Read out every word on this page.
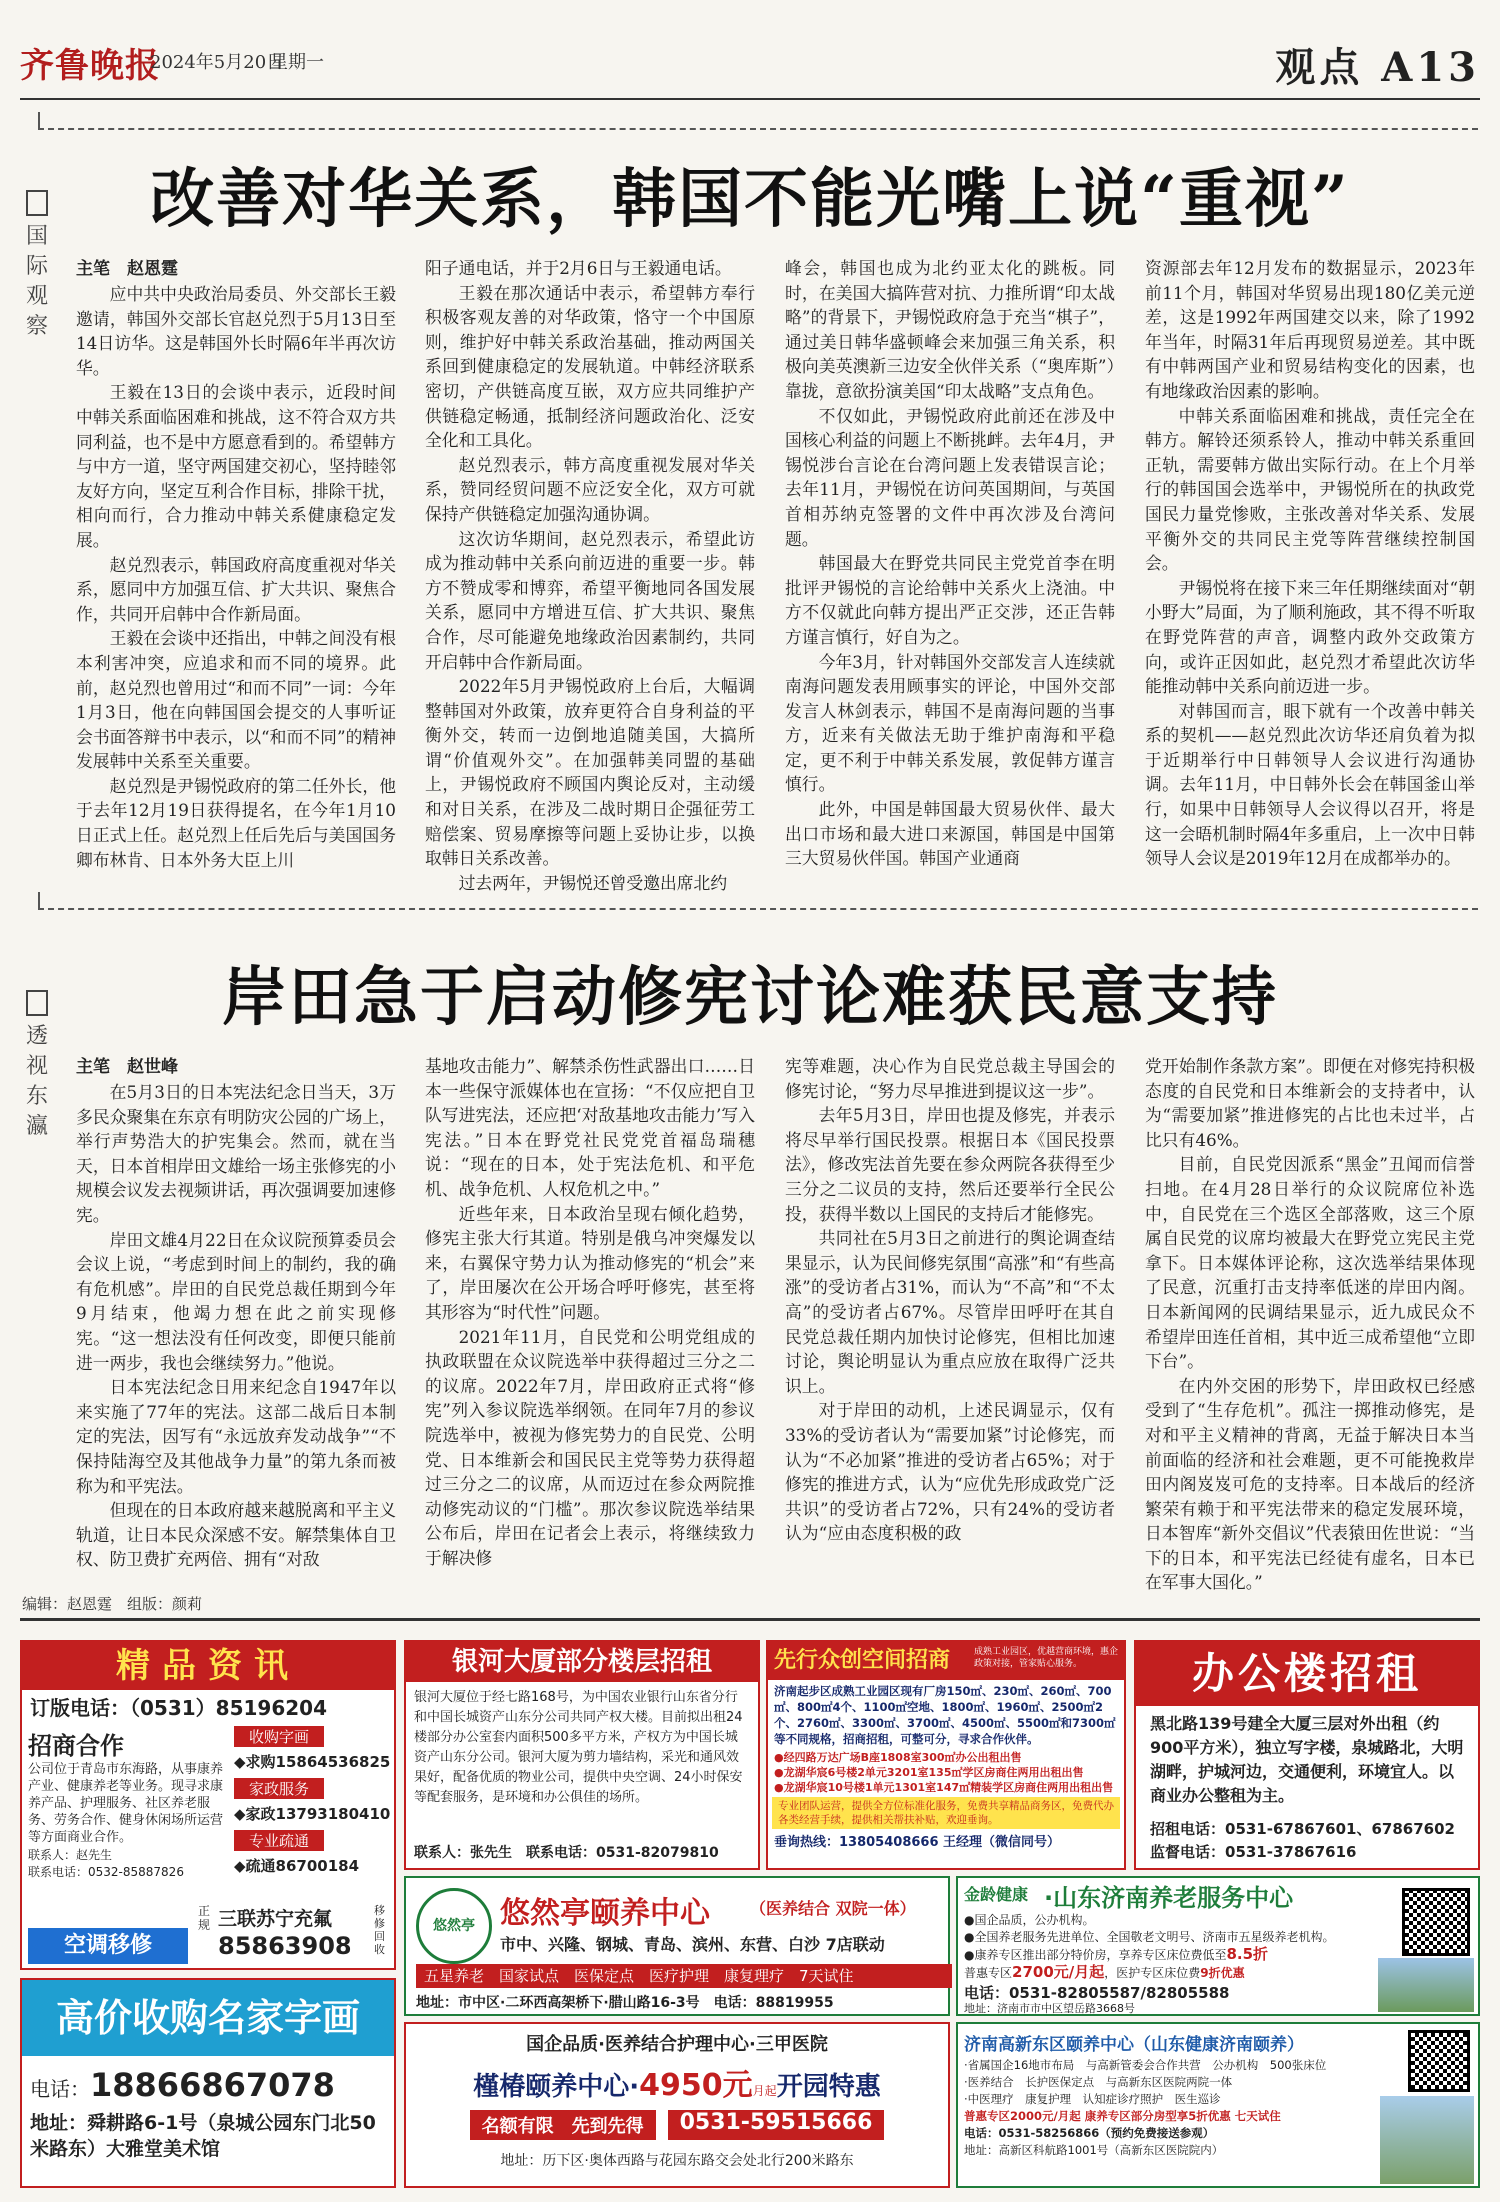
齐鲁晚报
2024年5月20日
星期一	观点 A13
改善对华关系，韩国不能光嘴上说“重视”
国际观察
主笔　赵恩霆

应中共中央政治局委员、外交部长王毅邀请，韩国外交部长官赵兑烈于5月13日至14日访华。这是韩国外长时隔6年半再次访华。

王毅在13日的会谈中表示，近段时间中韩关系面临困难和挑战，这不符合双方共同利益，也不是中方愿意看到的。希望韩方与中方一道，坚守两国建交初心，坚持睦邻友好方向，坚定互利合作目标，排除干扰，相向而行，合力推动中韩关系健康稳定发展。

赵兑烈表示，韩国政府高度重视对华关系，愿同中方加强互信、扩大共识、聚焦合作，共同开启韩中合作新局面。

王毅在会谈中还指出，中韩之间没有根本利害冲突，应追求和而不同的境界。此前，赵兑烈也曾用过“和而不同”一词：今年1月3日，他在向韩国国会提交的人事听证会书面答辩书中表示，以“和而不同”的精神发展韩中关系至关重要。

赵兑烈是尹锡悦政府的第二任外长，他于去年12月19日获得提名，在今年1月10日正式上任。赵兑烈上任后先后与美国国务卿布林肯、日本外务大臣上川

阳子通电话，并于2月6日与王毅通电话。

王毅在那次通话中表示，希望韩方奉行积极客观友善的对华政策，恪守一个中国原则，维护好中韩关系政治基础，推动两国关系回到健康稳定的发展轨道。中韩经济联系密切，产供链高度互嵌，双方应共同维护产供链稳定畅通，抵制经济问题政治化、泛安全化和工具化。

赵兑烈表示，韩方高度重视发展对华关系，赞同经贸问题不应泛安全化，双方可就保持产供链稳定加强沟通协调。

这次访华期间，赵兑烈表示，希望此访成为推动韩中关系向前迈进的重要一步。韩方不赞成零和博弈，希望平衡地同各国发展关系，愿同中方增进互信、扩大共识、聚焦合作，尽可能避免地缘政治因素制约，共同开启韩中合作新局面。

2022年5月尹锡悦政府上台后，大幅调整韩国对外政策，放弃更符合自身利益的平衡外交，转而一边倒地追随美国，大搞所谓“价值观外交”。在加强韩美同盟的基础上，尹锡悦政府不顾国内舆论反对，主动缓和对日关系，在涉及二战时期日企强征劳工赔偿案、贸易摩擦等问题上妥协让步，以换取韩日关系改善。

过去两年，尹锡悦还曾受邀出席北约

峰会，韩国也成为北约亚太化的跳板。同时，在美国大搞阵营对抗、力推所谓“印太战略”的背景下，尹锡悦政府急于充当“棋子”，通过美日韩华盛顿峰会来加强三角关系，积极向美英澳新三边安全伙伴关系（“奥库斯”）靠拢，意欲扮演美国“印太战略”支点角色。

不仅如此，尹锡悦政府此前还在涉及中国核心利益的问题上不断挑衅。去年4月，尹锡悦涉台言论在台湾问题上发表错误言论；去年11月，尹锡悦在访问英国期间，与英国首相苏纳克签署的文件中再次涉及台湾问题。

韩国最大在野党共同民主党党首李在明批评尹锡悦的言论给韩中关系火上浇油。中方不仅就此向韩方提出严正交涉，还正告韩方谨言慎行，好自为之。

今年3月，针对韩国外交部发言人连续就南海问题发表用顾事实的评论，中国外交部发言人林剑表示，韩国不是南海问题的当事方，近来有关做法无助于维护南海和平稳定，更不利于中韩关系发展，敦促韩方谨言慎行。

此外，中国是韩国最大贸易伙伴、最大出口市场和最大进口来源国，韩国是中国第三大贸易伙伴国。韩国产业通商

资源部去年12月发布的数据显示，2023年前11个月，韩国对华贸易出现180亿美元逆差，这是1992年两国建交以来，除了1992年当年，时隔31年后再现贸易逆差。其中既有中韩两国产业和贸易结构变化的因素，也有地缘政治因素的影响。

中韩关系面临困难和挑战，责任完全在韩方。解铃还须系铃人，推动中韩关系重回正轨，需要韩方做出实际行动。在上个月举行的韩国国会选举中，尹锡悦所在的执政党国民力量党惨败，主张改善对华关系、发展平衡外交的共同民主党等阵营继续控制国会。

尹锡悦将在接下来三年任期继续面对“朝小野大”局面，为了顺利施政，其不得不听取在野党阵营的声音，调整内政外交政策方向，或许正因如此，赵兑烈才希望此次访华能推动韩中关系向前迈进一步。

对韩国而言，眼下就有一个改善中韩关系的契机——赵兑烈此次访华还肩负着为拟于近期举行中日韩领导人会议进行沟通协调。去年11月，中日韩外长会在韩国釜山举行，如果中日韩领导人会议得以召开，将是这一会晤机制时隔4年多重启，上一次中日韩领导人会议是2019年12月在成都举办的。

岸田急于启动修宪讨论难获民意支持
透视东瀛
主笔　赵世峰

在5月3日的日本宪法纪念日当天，3万多民众聚集在东京有明防灾公园的广场上，举行声势浩大的护宪集会。然而，就在当天，日本首相岸田文雄给一场主张修宪的小规模会议发去视频讲话，再次强调要加速修宪。

岸田文雄4月22日在众议院预算委员会会议上说，“考虑到时间上的制约，我的确有危机感”。岸田的自民党总裁任期到今年9月结束，他竭力想在此之前实现修宪。“这一想法没有任何改变，即便只能前进一两步，我也会继续努力。”他说。

日本宪法纪念日用来纪念自1947年以来实施了77年的宪法。这部二战后日本制定的宪法，因写有“永远放弃发动战争”“不保持陆海空及其他战争力量”的第九条而被称为和平宪法。

但现在的日本政府越来越脱离和平主义轨道，让日本民众深感不安。解禁集体自卫权、防卫费扩充两倍、拥有“对敌

基地攻击能力”、解禁杀伤性武器出口……日本一些保守派媒体也在宣扬：“不仅应把自卫队写进宪法，还应把‘对敌基地攻击能力’写入宪法。”日本在野党社民党党首福岛瑞穗说：“现在的日本，处于宪法危机、和平危机、战争危机、人权危机之中。”

近些年来，日本政治呈现右倾化趋势，修宪主张大行其道。特别是俄乌冲突爆发以来，右翼保守势力认为推动修宪的“机会”来了，岸田屡次在公开场合呼吁修宪，甚至将其形容为“时代性”问题。

2021年11月，自民党和公明党组成的执政联盟在众议院选举中获得超过三分之二的议席。2022年7月，岸田政府正式将“修宪”列入参议院选举纲领。在同年7月的参议院选举中，被视为修宪势力的自民党、公明党、日本维新会和国民民主党等势力获得超过三分之二的议席，从而迈过在参众两院推动修宪动议的“门槛”。那次参议院选举结果公布后，岸田在记者会上表示，将继续致力于解决修

宪等难题，决心作为自民党总裁主导国会的修宪讨论，“努力尽早推进到提议这一步”。

去年5月3日，岸田也提及修宪，并表示将尽早举行国民投票。根据日本《国民投票法》，修改宪法首先要在参众两院各获得至少三分之二议员的支持，然后还要举行全民公投，获得半数以上国民的支持后才能修宪。

共同社在5月3日之前进行的舆论调查结果显示，认为民间修宪氛围“高涨”和“有些高涨”的受访者占31%，而认为“不高”和“不太高”的受访者占67%。尽管岸田呼吁在其自民党总裁任期内加快讨论修宪，但相比加速讨论，舆论明显认为重点应放在取得广泛共识上。

对于岸田的动机，上述民调显示，仅有33%的受访者认为“需要加紧”讨论修宪，而认为“不必加紧”推进的受访者占65%；对于修宪的推进方式，认为“应优先形成政党广泛共识”的受访者占72%，只有24%的受访者认为“应由态度积极的政

党开始制作条款方案”。即便在对修宪持积极态度的自民党和日本维新会的支持者中，认为“需要加紧”推进修宪的占比也未过半，占比只有46%。

目前，自民党因派系“黑金”丑闻而信誉扫地。在4月28日举行的众议院席位补选中，自民党在三个选区全部落败，这三个原属自民党的议席均被最大在野党立宪民主党拿下。日本媒体评论称，这次选举结果体现了民意，沉重打击支持率低迷的岸田内阁。日本新闻网的民调结果显示，近九成民众不希望岸田连任首相，其中近三成希望他“立即下台”。

在内外交困的形势下，岸田政权已经感受到了“生存危机”。孤注一掷推动修宪，是对和平主义精神的背离，无益于解决日本当前面临的经济和社会难题，更不可能挽救岸田内阁岌岌可危的支持率。日本战后的经济繁荣有赖于和平宪法带来的稳定发展环境，日本智库“新外交倡议”代表猿田佐世说：“当下的日本，和平宪法已经徒有虚名，日本已在军事大国化。”

编辑：赵恩霆　组版：颜莉
精品资讯
订版电话：（0531）85196204
招商合作
公司位于青岛市东海路，从事康养产业、健康养老等业务。现寻求康养产品、护理服务、社区养老服务、劳务合作、健身休闲场所运营等方面商业合作。
联系人：赵先生
联系电话：0532-85887826
收购字画
◆求购15864536825
家政服务
◆家政13793180410
专业疏通
◆疏通86700184
空调移修
正规 三联苏宁充氟
85863908
移修回收
高价收购名家字画
电话：18866867078
地址：舜耕路6-1号（泉城公园东门北50米路东）大雅堂美术馆
银河大厦部分楼层招租
银河大厦位于经七路168号，为中国农业银行山东省分行和中国长城资产山东分公司共同产权大楼。目前拟出租24楼部分办公室套内面积500多平方米，产权方为中国长城资产山东分公司。银河大厦为剪力墙结构，采光和通风效果好，配备优质的物业公司，提供中央空调、24小时保安等配套服务，是环境和办公俱佳的场所。
联系人：张先生　联系电话：0531-82079810
先行众创空间招商	成熟工业园区，优越营商环境，惠企政策对接，管家贴心服务。
济南起步区成熟工业园区现有厂房150㎡、230㎡、260㎡、700㎡、800㎡4个、1100㎡空地、1800㎡、1960㎡、2500㎡2个、2760㎡、3300㎡、3700㎡、4500㎡、5500㎡和7300㎡等不同规格，招商招租，可整可分，寻求合作伙伴。
●经四路万达广场B座1808室300㎡办公出租出售
●龙湖华宸6号楼2单元3201室135㎡学区房商住两用出租出售
●龙湖华宸10号楼1单元1301室147㎡精装学区房商住两用出租出售
专业团队运营，提供全方位标准化服务，免费共享精品商务区，免费代办各类经营手续，提供相关帮扶补贴，欢迎垂询。
垂询热线：13805408666 王经理（微信同号）
办公楼招租
黑北路139号建全大厦三层对外出租（约900平方米），独立写字楼，泉城路北，大明湖畔，护城河边，交通便利，环境宜人。以商业办公整租为主。
招租电话：0531-67867601、67867602
监督电话：0531-37867616
悠然亭 悠然亭颐养中心	（医养结合 双院一体）
市中、兴隆、钢城、青岛、滨州、东营、白沙 7店联动
五星养老　国家试点　医保定点　医疗护理　康复理疗　7天试住
地址：市中区·二环西高架桥下·腊山路16-3号　电话：88819955
金龄健康 ·山东济南养老服务中心
●国企品质，公办机构。
●全国养老服务先进单位、全国敬老文明号、济南市五星级养老机构。
●康养专区推出部分特价房，享养专区床位费低至8.5折
普惠专区2700元/月起，医护专区床位费9折优惠
电话：0531-82805587/82805588
地址：济南市市中区望岳路3668号
国企品质·医养结合护理中心·三甲医院
槿椿颐养中心·4950元月起开园特惠
名额有限　先到先得	0531-59515666
地址：历下区·奥体西路与花园东路交会处北行200米路东
济南高新东区颐养中心（山东健康济南颐养）
·省属国企16地市布局　与高新管委会合作共营　公办机构　500张床位
·医养结合　长护医保定点　与高新东区医院两院一体
·中医理疗　康复护理　认知症诊疗照护　医生巡诊
普惠专区2000元/月起 康养专区部分房型享5折优惠 七天试住
电话：0531-58256866（预约免费接送参观）
地址：高新区科航路1001号（高新东区医院院内）
